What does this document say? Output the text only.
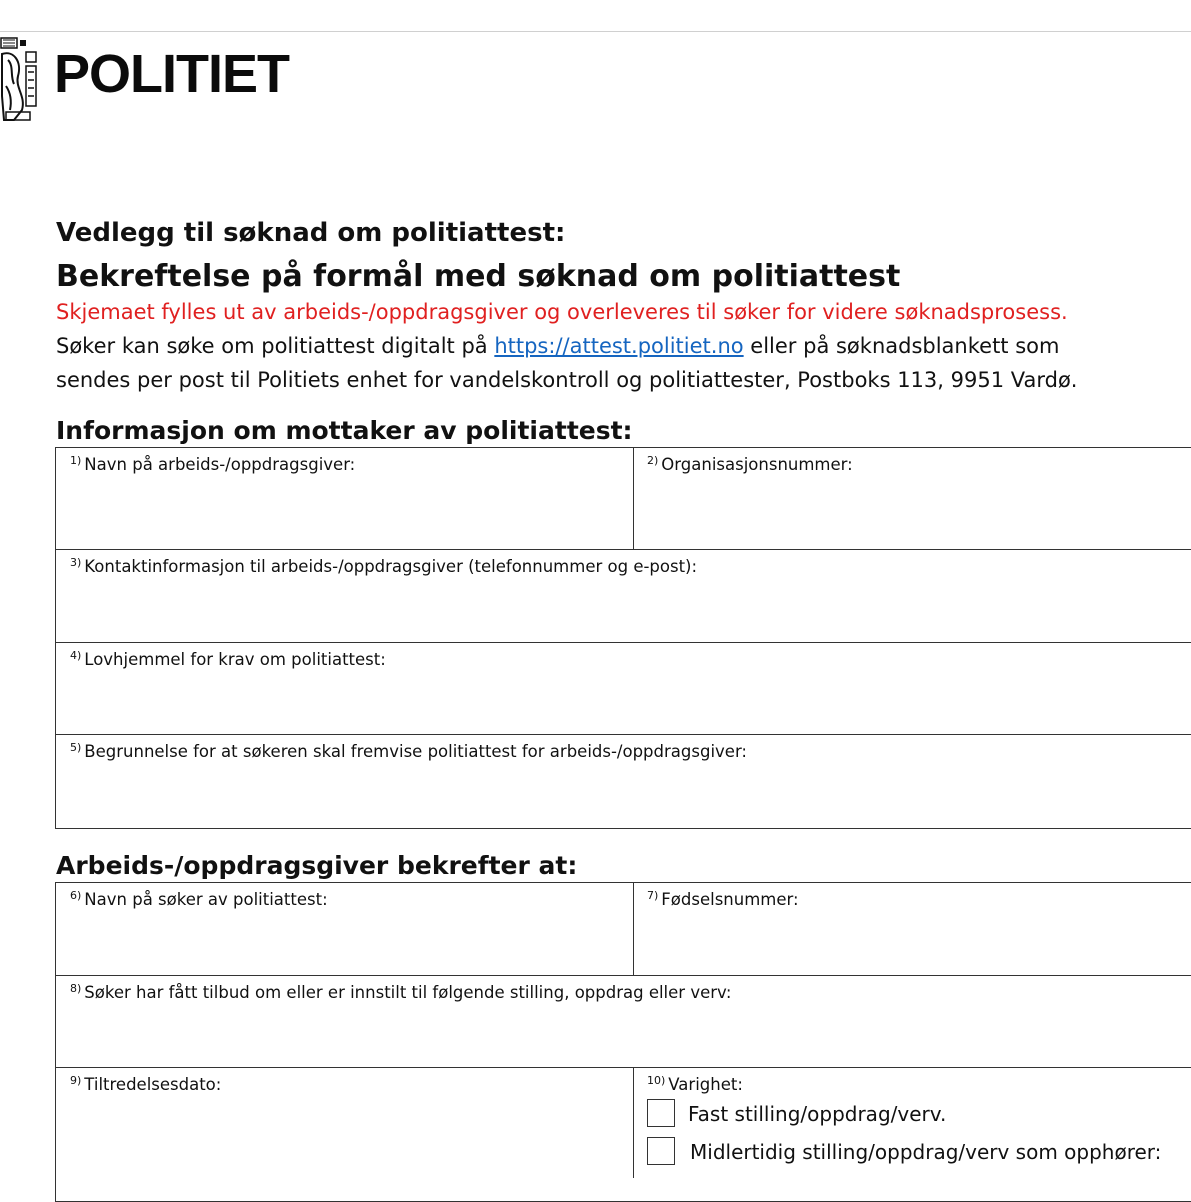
POLITIET
Vedlegg til søknad om politiattest:
Bekreftelse på formål med søknad om politiattest
Skjemaet fylles ut av arbeids-/oppdragsgiver og overleveres til søker for videre søknadsprosess.
Søker kan søke om politiattest digitalt på https://attest.politiet.no eller på søknadsblankett som
sendes per post til Politiets enhet for vandelskontroll og politiattester, Postboks 113, 9951 Vardø.
Informasjon om mottaker av politiattest:
$^{1)}$ Navn på arbeids-/oppdragsgiver:	$^{2)}$ Organisasjonsnummer:
$^{3)}$ Kontaktinformasjon til arbeids-/oppdragsgiver (telefonnummer og e-post):
$^{4)}$ Lovhjemmel for krav om politiattest:
$^{5)}$ Begrunnelse for at søkeren skal fremvise politiattest for arbeids-/oppdragsgiver:
Arbeids-/oppdragsgiver bekrefter at:
$^{6)}$ Navn på søker av politiattest:	$^{7)}$ Fødselsnummer:
$^{8)}$ Søker har fått tilbud om eller er innstilt til følgende stilling, oppdrag eller verv:
$^{9)}$ Tiltredelsesdato:	$^{10)}$ Varighet:
Fast stilling/oppdrag/verv.
Midlertidig stilling/oppdrag/verv som opphører:
